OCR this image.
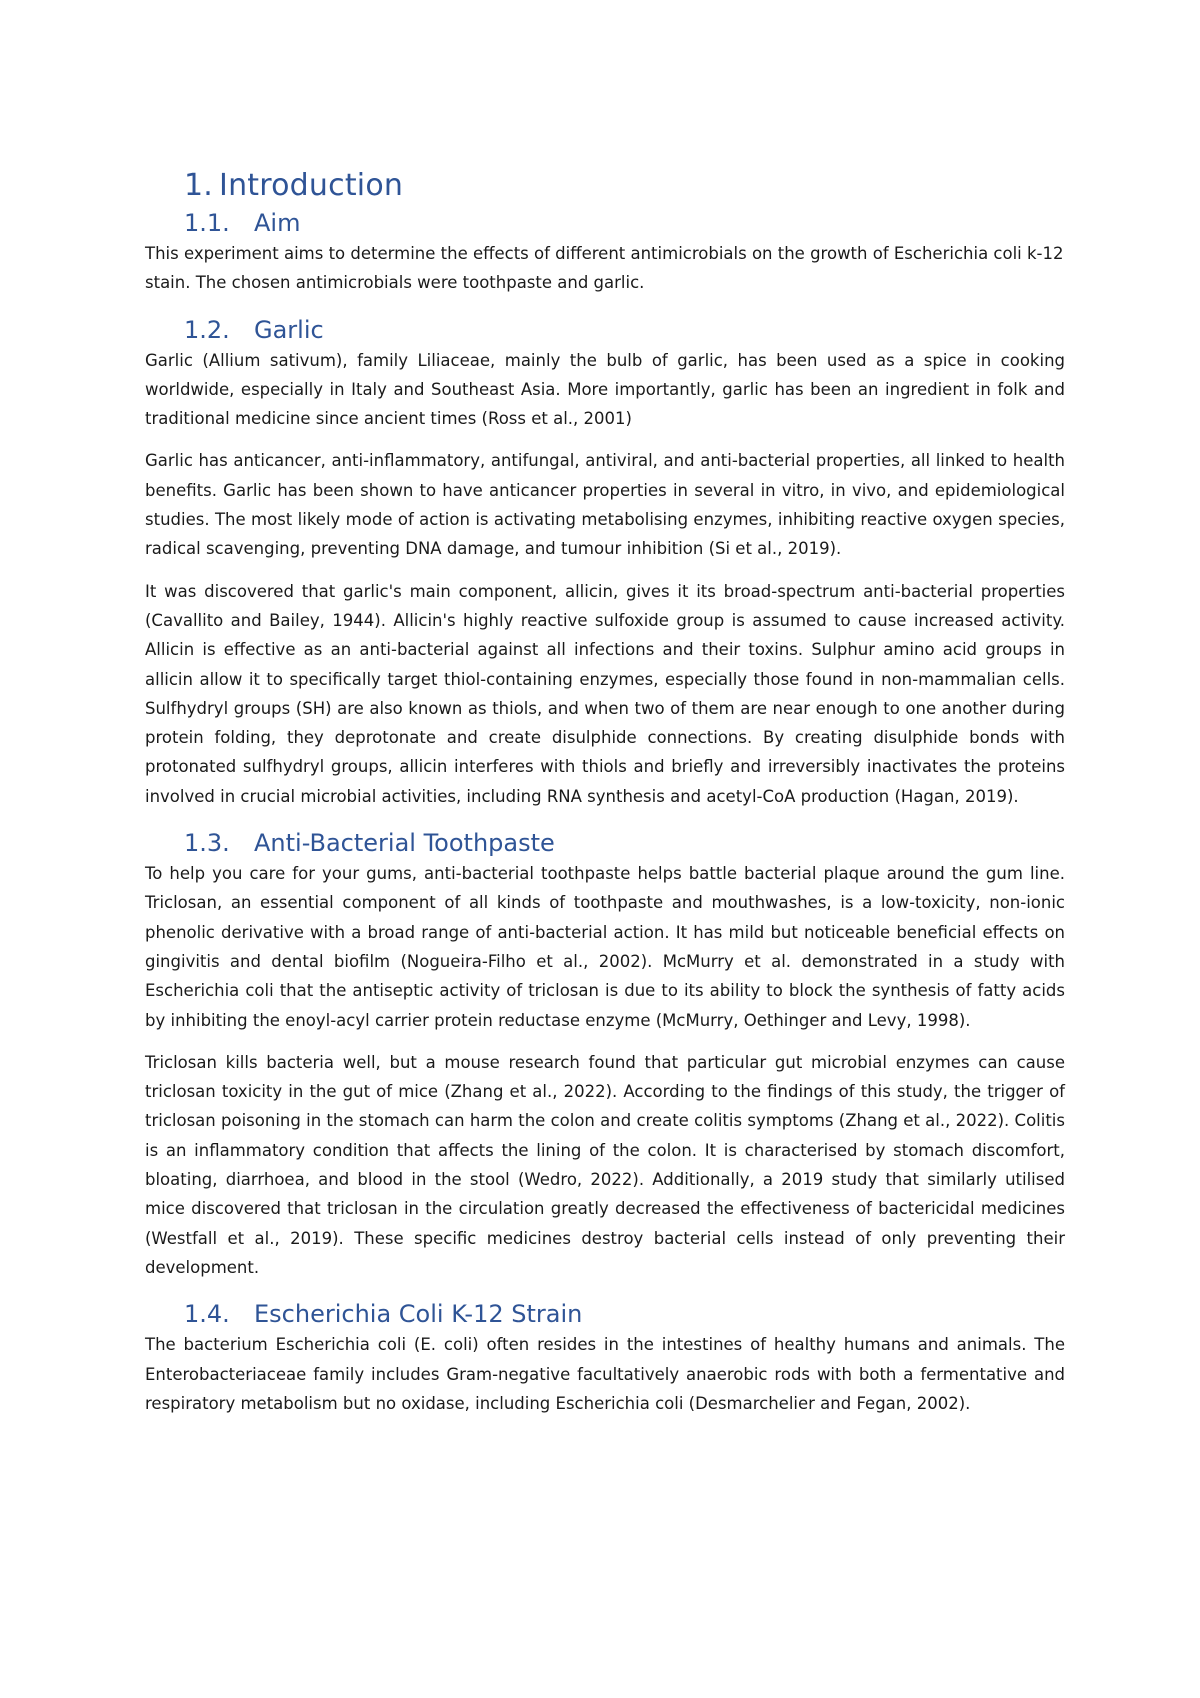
1. Introduction
1.1.	Aim

This experiment aims to determine the effects of different antimicrobials on the growth of Escherichia coli k-12 stain. The chosen antimicrobials were toothpaste and garlic.

1.2.	Garlic

Garlic (Allium sativum), family Liliaceae, mainly the bulb of garlic, has been used as a spice in cooking worldwide, especially in Italy and Southeast Asia. More importantly, garlic has been an ingredient in folk and traditional medicine since ancient times (Ross et al., 2001)

Garlic has anticancer, anti-inflammatory, antifungal, antiviral, and anti-bacterial properties, all linked to health benefits. Garlic has been shown to have anticancer properties in several in vitro, in vivo, and epidemiological studies. The most likely mode of action is activating metabolising enzymes, inhibiting reactive oxygen species, radical scavenging, preventing DNA damage, and tumour inhibition (Si et al., 2019).

It was discovered that garlic's main component, allicin, gives it its broad-spectrum anti-bacterial properties (Cavallito and Bailey, 1944). Allicin's highly reactive sulfoxide group is assumed to cause increased activity. Allicin is effective as an anti-bacterial against all infections and their toxins. Sulphur amino acid groups in allicin allow it to specifically target thiol-containing enzymes, especially those found in non-mammalian cells. Sulfhydryl groups (SH) are also known as thiols, and when two of them are near enough to one another during protein folding, they deprotonate and create disulphide connections. By creating disulphide bonds with protonated sulfhydryl groups, allicin interferes with thiols and briefly and irreversibly inactivates the proteins involved in crucial microbial activities, including RNA synthesis and acetyl-CoA production (Hagan, 2019).

1.3.	Anti-Bacterial Toothpaste

To help you care for your gums, anti-bacterial toothpaste helps battle bacterial plaque around the gum line. Triclosan, an essential component of all kinds of toothpaste and mouthwashes, is a low-toxicity, non-ionic phenolic derivative with a broad range of anti-bacterial action. It has mild but noticeable beneficial effects on gingivitis and dental biofilm (Nogueira-Filho et al., 2002). McMurry et al. demonstrated in a study with Escherichia coli that the antiseptic activity of triclosan is due to its ability to block the synthesis of fatty acids by inhibiting the enoyl-acyl carrier protein reductase enzyme (McMurry, Oethinger and Levy, 1998).

Triclosan kills bacteria well, but a mouse research found that particular gut microbial enzymes can cause triclosan toxicity in the gut of mice (Zhang et al., 2022). According to the findings of this study, the trigger of triclosan poisoning in the stomach can harm the colon and create colitis symptoms (Zhang et al., 2022). Colitis is an inflammatory condition that affects the lining of the colon. It is characterised by stomach discomfort, bloating, diarrhoea, and blood in the stool (Wedro, 2022). Additionally, a 2019 study that similarly utilised mice discovered that triclosan in the circulation greatly decreased the effectiveness of bactericidal medicines (Westfall et al., 2019). These specific medicines destroy bacterial cells instead of only preventing their development.

1.4.	Escherichia Coli K-12 Strain

The bacterium Escherichia coli (E. coli) often resides in the intestines of healthy humans and animals. The Enterobacteriaceae family includes Gram-negative facultatively anaerobic rods with both a fermentative and respiratory metabolism but no oxidase, including Escherichia coli (Desmarchelier and Fegan, 2002).
